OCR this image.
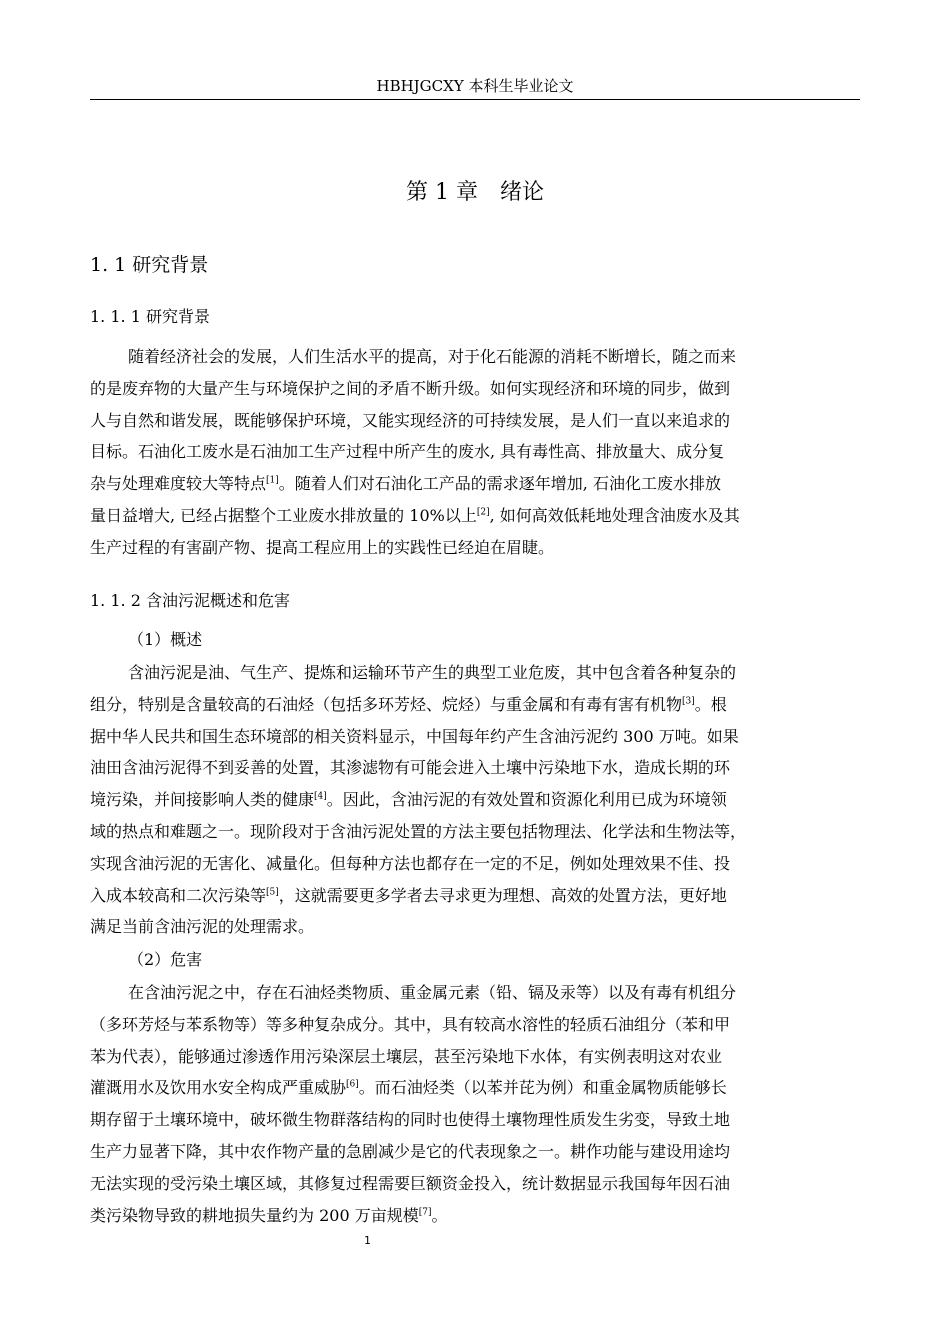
HBHJGCXY 本科生毕业论文
第 1 章　绪论
1. 1 研究背景
1. 1. 1 研究背景
随着经济社会的发展，人们生活水平的提高，对于化石能源的消耗不断增长，随之而来
的是废弃物的大量产生与环境保护之间的矛盾不断升级。如何实现经济和环境的同步，做到
人与自然和谐发展，既能够保护环境，又能实现经济的可持续发展，是人们一直以来追求的
目标。石油化工废水是石油加工生产过程中所产生的废水, 具有毒性高、排放量大、成分复
杂与处理难度较大等特点[1]。随着人们对石油化工产品的需求逐年增加, 石油化工废水排放
量日益增大, 已经占据整个工业废水排放量的 10%以上[2], 如何高效低耗地处理含油废水及其
生产过程的有害副产物、提高工程应用上的实践性已经迫在眉睫。
1. 1. 2 含油污泥概述和危害
（1）概述
含油污泥是油、气生产、提炼和运输环节产生的典型工业危废，其中包含着各种复杂的
组分，特别是含量较高的石油烃（包括多环芳烃、烷烃）与重金属和有毒有害有机物[3]。根
据中华人民共和国生态环境部的相关资料显示，中国每年约产生含油污泥约 300 万吨。如果
油田含油污泥得不到妥善的处置，其渗滤物有可能会进入土壤中污染地下水，造成长期的环
境污染，并间接影响人类的健康[4]。因此，含油污泥的有效处置和资源化利用已成为环境领
域的热点和难题之一。现阶段对于含油污泥处置的方法主要包括物理法、化学法和生物法等，
实现含油污泥的无害化、减量化。但每种方法也都存在一定的不足，例如处理效果不佳、投
入成本较高和二次污染等[5]，这就需要更多学者去寻求更为理想、高效的处置方法，更好地
满足当前含油污泥的处理需求。
（2）危害
在含油污泥之中，存在石油烃类物质、重金属元素（铅、镉及汞等）以及有毒有机组分
（多环芳烃与苯系物等）等多种复杂成分。其中，具有较高水溶性的轻质石油组分（苯和甲
苯为代表），能够通过渗透作用污染深层土壤层，甚至污染地下水体，有实例表明这对农业
灌溉用水及饮用水安全构成严重威胁[6]。而石油烃类（以苯并芘为例）和重金属物质能够长
期存留于土壤环境中，破坏微生物群落结构的同时也使得土壤物理性质发生劣变，导致土地
生产力显著下降，其中农作物产量的急剧减少是它的代表现象之一。耕作功能与建设用途均
无法实现的受污染土壤区域，其修复过程需要巨额资金投入，统计数据显示我国每年因石油
类污染物导致的耕地损失量约为 200 万亩规模[7]。
1
